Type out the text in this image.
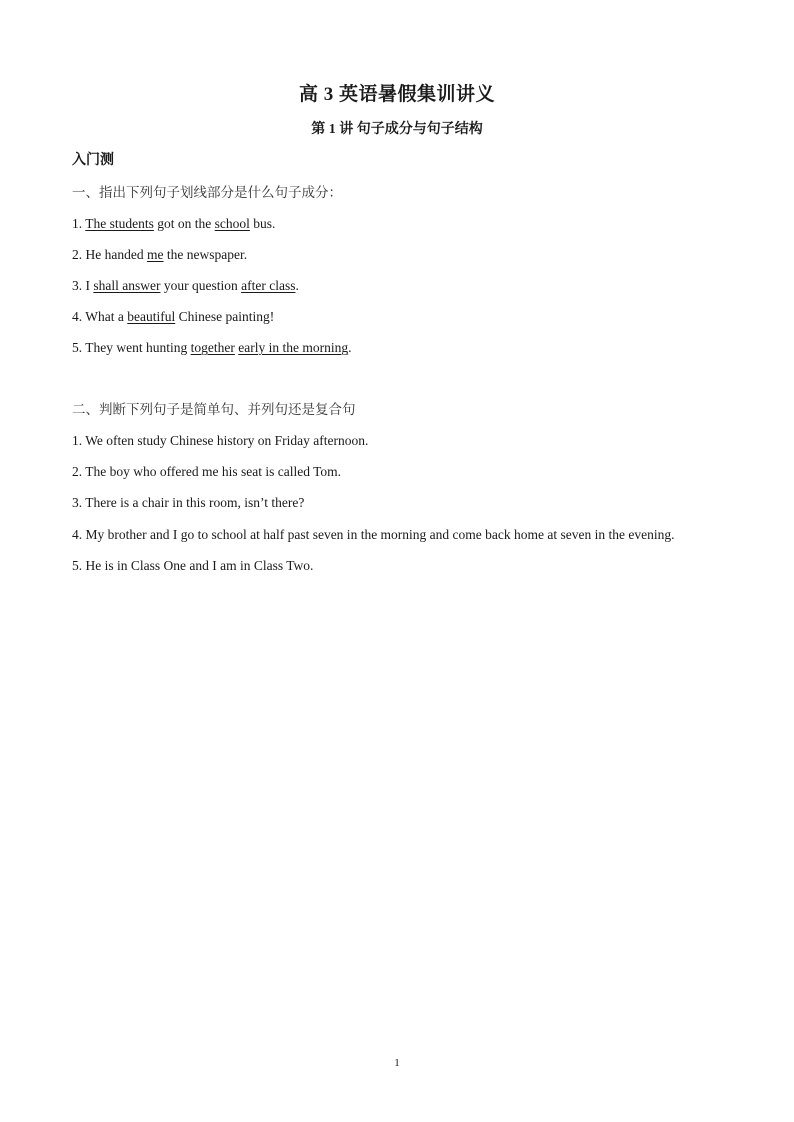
高 3 英语暑假集训讲义
第 1 讲 句子成分与句子结构
入门测
一、指出下列句子划线部分是什么句子成分：
1. The students got on the school bus.
2. He handed me the newspaper.
3. I shall answer your question after class.
4. What a beautiful Chinese painting!
5. They went hunting together early in the morning.
二、判断下列句子是简单句、并列句还是复合句
1. We often study Chinese history on Friday afternoon.
2. The boy who offered me his seat is called Tom.
3. There is a chair in this room, isn’t there?
4. My brother and I go to school at half past seven in the morning and come back home at seven in the evening.
5. He is in Class One and I am in Class Two.
1
